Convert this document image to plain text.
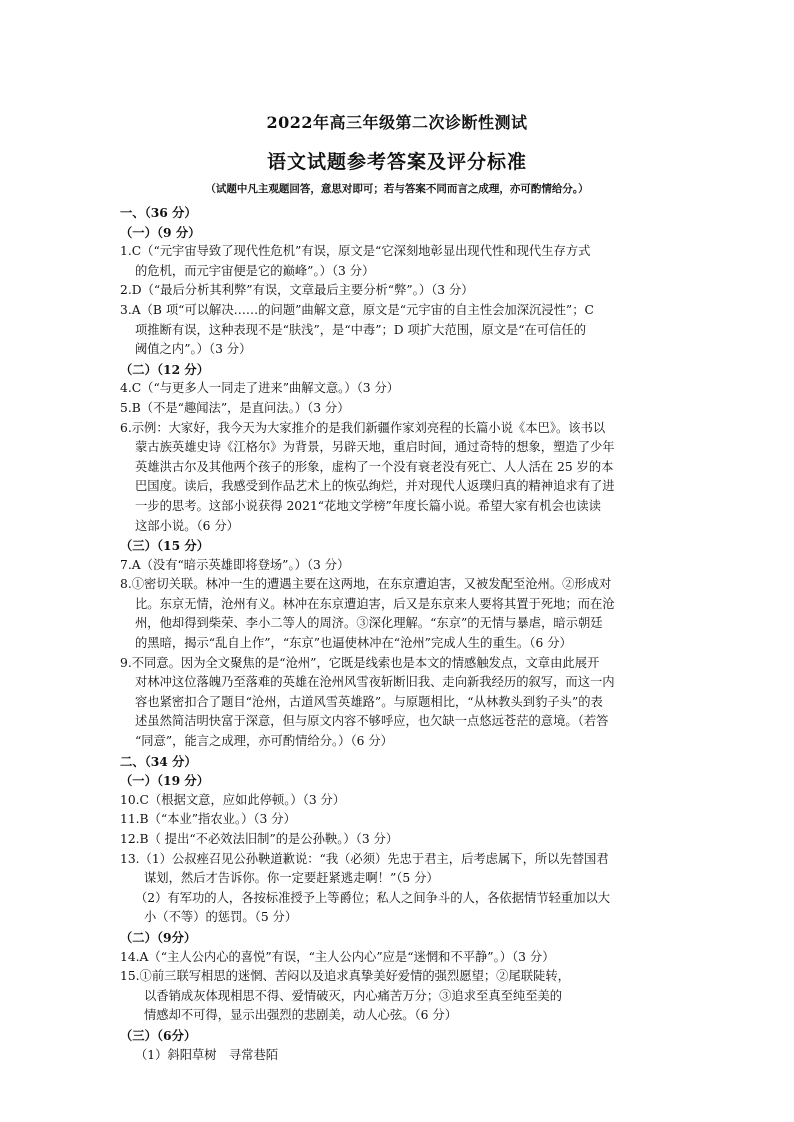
2022年高三年级第二次诊断性测试
语文试题参考答案及评分标准
（试题中凡主观题回答，意思对即可；若与答案不同而言之成理，亦可酌情给分。）
一、（36 分）
（一）（9 分）
1.C（“元宇宙导致了现代性危机”有误，原文是“它深刻地彰显出现代性和现代生存方式
的危机，而元宇宙便是它的巅峰”。）（3 分）
2.D（“最后分析其利弊”有误，文章最后主要分析“弊”。）（3 分）
3.A（B 项“可以解决……的问题”曲解文意，原文是“元宇宙的自主性会加深沉浸性”；C
项推断有误，这种表现不是“肤浅”，是“中毒”；D 项扩大范围，原文是“在可信任的
阈值之内”。）（3 分）
（二）（12 分）
4.C（“与更多人一同走了进来”曲解文意。）（3 分）
5.B（不是“趣闻法”，是直问法。）（3 分）
6.示例：大家好，我今天为大家推介的是我们新疆作家刘亮程的长篇小说《本巴》。该书以
蒙古族英雄史诗《江格尔》为背景，另辟天地，重启时间，通过奇特的想象，塑造了少年
英雄洪古尔及其他两个孩子的形象，虚构了一个没有衰老没有死亡、人人活在 25 岁的本
巴国度。读后，我感受到作品艺术上的恢弘绚烂，并对现代人返璞归真的精神追求有了进
一步的思考。这部小说获得 2021“花地文学榜”年度长篇小说。希望大家有机会也读读
这部小说。（6 分）
（三）（15 分）
7.A（没有“暗示英雄即将登场”。）（3 分）
8.①密切关联。林冲一生的遭遇主要在这两地，在东京遭迫害，又被发配至沧州。②形成对
比。东京无情，沧州有义。林冲在东京遭迫害，后又是东京来人要将其置于死地；而在沧
州，他却得到柴荣、李小二等人的周济。③深化理解。“东京”的无情与暴虐，暗示朝廷
的黑暗，揭示“乱自上作”，“东京”也逼使林冲在“沧州”完成人生的重生。（6 分）
9.不同意。因为全文聚焦的是“沧州”，它既是线索也是本文的情感触发点，文章由此展开
对林冲这位落魄乃至落难的英雄在沧州风雪夜斩断旧我、走向新我经历的叙写，而这一内
容也紧密扣合了题目“沧州，古道风雪英雄路”。与原题相比，“从林教头到豹子头”的表
述虽然简洁明快富于深意，但与原文内容不够呼应，也欠缺一点悠远苍茫的意境。（若答
“同意”，能言之成理，亦可酌情给分。）（6 分）
二、（34 分）
（一）（19 分）
10.C（根据文意，应如此停顿。）（3 分）
11.B（“本业”指农业。）（3 分）
12.B（ 提出“不必效法旧制”的是公孙鞅。）（3 分）
13.（1）公叔痤召见公孙鞅道歉说：“我（必须）先忠于君主，后考虑属下，所以先替国君
谋划，然后才告诉你。你一定要赶紧逃走啊！”（5 分）
（2）有军功的人，各按标准授予上等爵位；私人之间争斗的人，各依据情节轻重加以大
小（不等）的惩罚。（5 分）
（二）（9分）
14.A（“主人公内心的喜悦”有误，“主人公内心”应是“迷惘和不平静”。）（3 分）
15.①前三联写相思的迷惘、苦闷以及追求真挚美好爱情的强烈愿望；②尾联陡转，
以香销成灰体现相思不得、爱情破灭，内心痛苦万分；③追求至真至纯至美的
情感却不可得，显示出强烈的悲剧美，动人心弦。（6 分）
（三）（6分）
（1）斜阳草树　寻常巷陌
